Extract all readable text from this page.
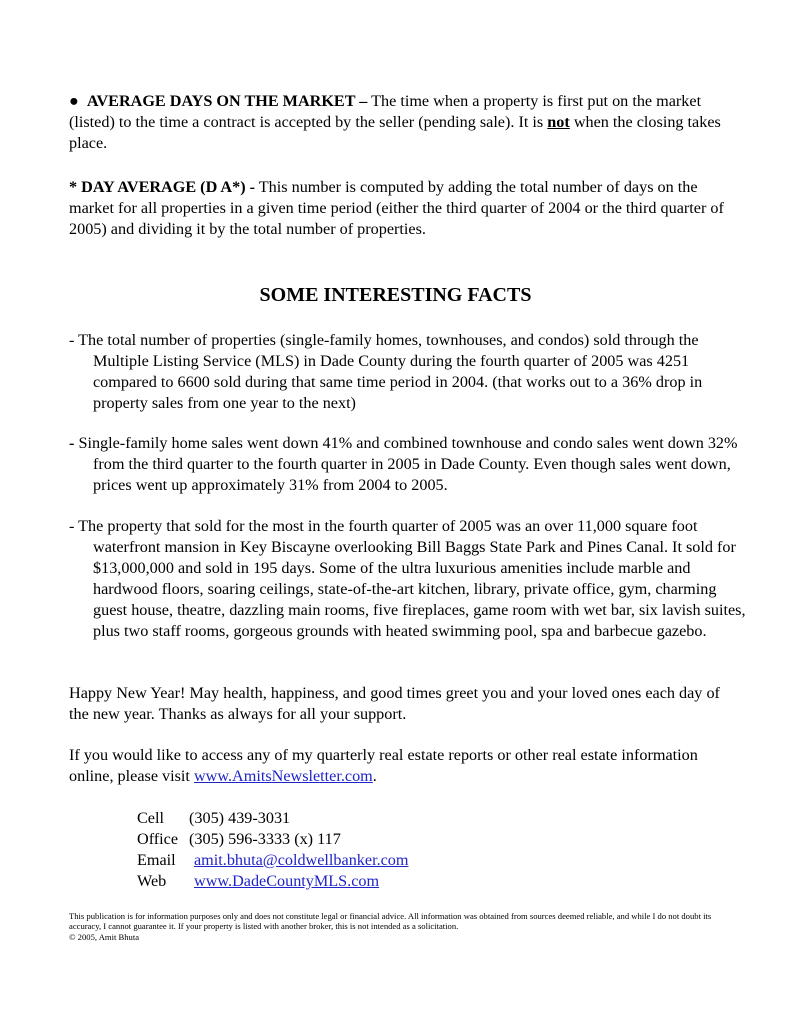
● AVERAGE DAYS ON THE MARKET – The time when a property is first put on the market (listed) to the time a contract is accepted by the seller (pending sale). It is not when the closing takes place.

* DAY AVERAGE (D A*) - This number is computed by adding the total number of days on the market for all properties in a given time period (either the third quarter of 2004 or the third quarter of 2005) and dividing it by the total number of properties.

SOME INTERESTING FACTS

- The total number of properties (single-family homes, townhouses, and condos) sold through the Multiple Listing Service (MLS) in Dade County during the fourth quarter of 2005 was 4251 compared to 6600 sold during that same time period in 2004. (that works out to a 36% drop in property sales from one year to the next)

- Single-family home sales went down 41% and combined townhouse and condo sales went down 32% from the third quarter to the fourth quarter in 2005 in Dade County. Even though sales went down, prices went up approximately 31% from 2004 to 2005.

- The property that sold for the most in the fourth quarter of 2005 was an over 11,000 square foot waterfront mansion in Key Biscayne overlooking Bill Baggs State Park and Pines Canal. It sold for $13,000,000 and sold in 195 days. Some of the ultra luxurious amenities include marble and hardwood floors, soaring ceilings, state-of-the-art kitchen, library, private office, gym, charming guest house, theatre, dazzling main rooms, five fireplaces, game room with wet bar, six lavish suites, plus two staff rooms, gorgeous grounds with heated swimming pool, spa and barbecue gazebo.

Happy New Year! May health, happiness, and good times greet you and your loved ones each day of the new year. Thanks as always for all your support.

If you would like to access any of my quarterly real estate reports or other real estate information online, please visit www.AmitsNewsletter.com.

Cell (305) 439-3031
Office (305) 596-3333 (x) 117
Email amit.bhuta@coldwellbanker.com
Web www.DadeCountyMLS.com
This publication is for information purposes only and does not constitute legal or financial advice. All information was obtained from sources deemed reliable, and while I do not doubt its accuracy, I cannot guarantee it. If your property is listed with another broker, this is not intended as a solicitation.
© 2005, Amit Bhuta
